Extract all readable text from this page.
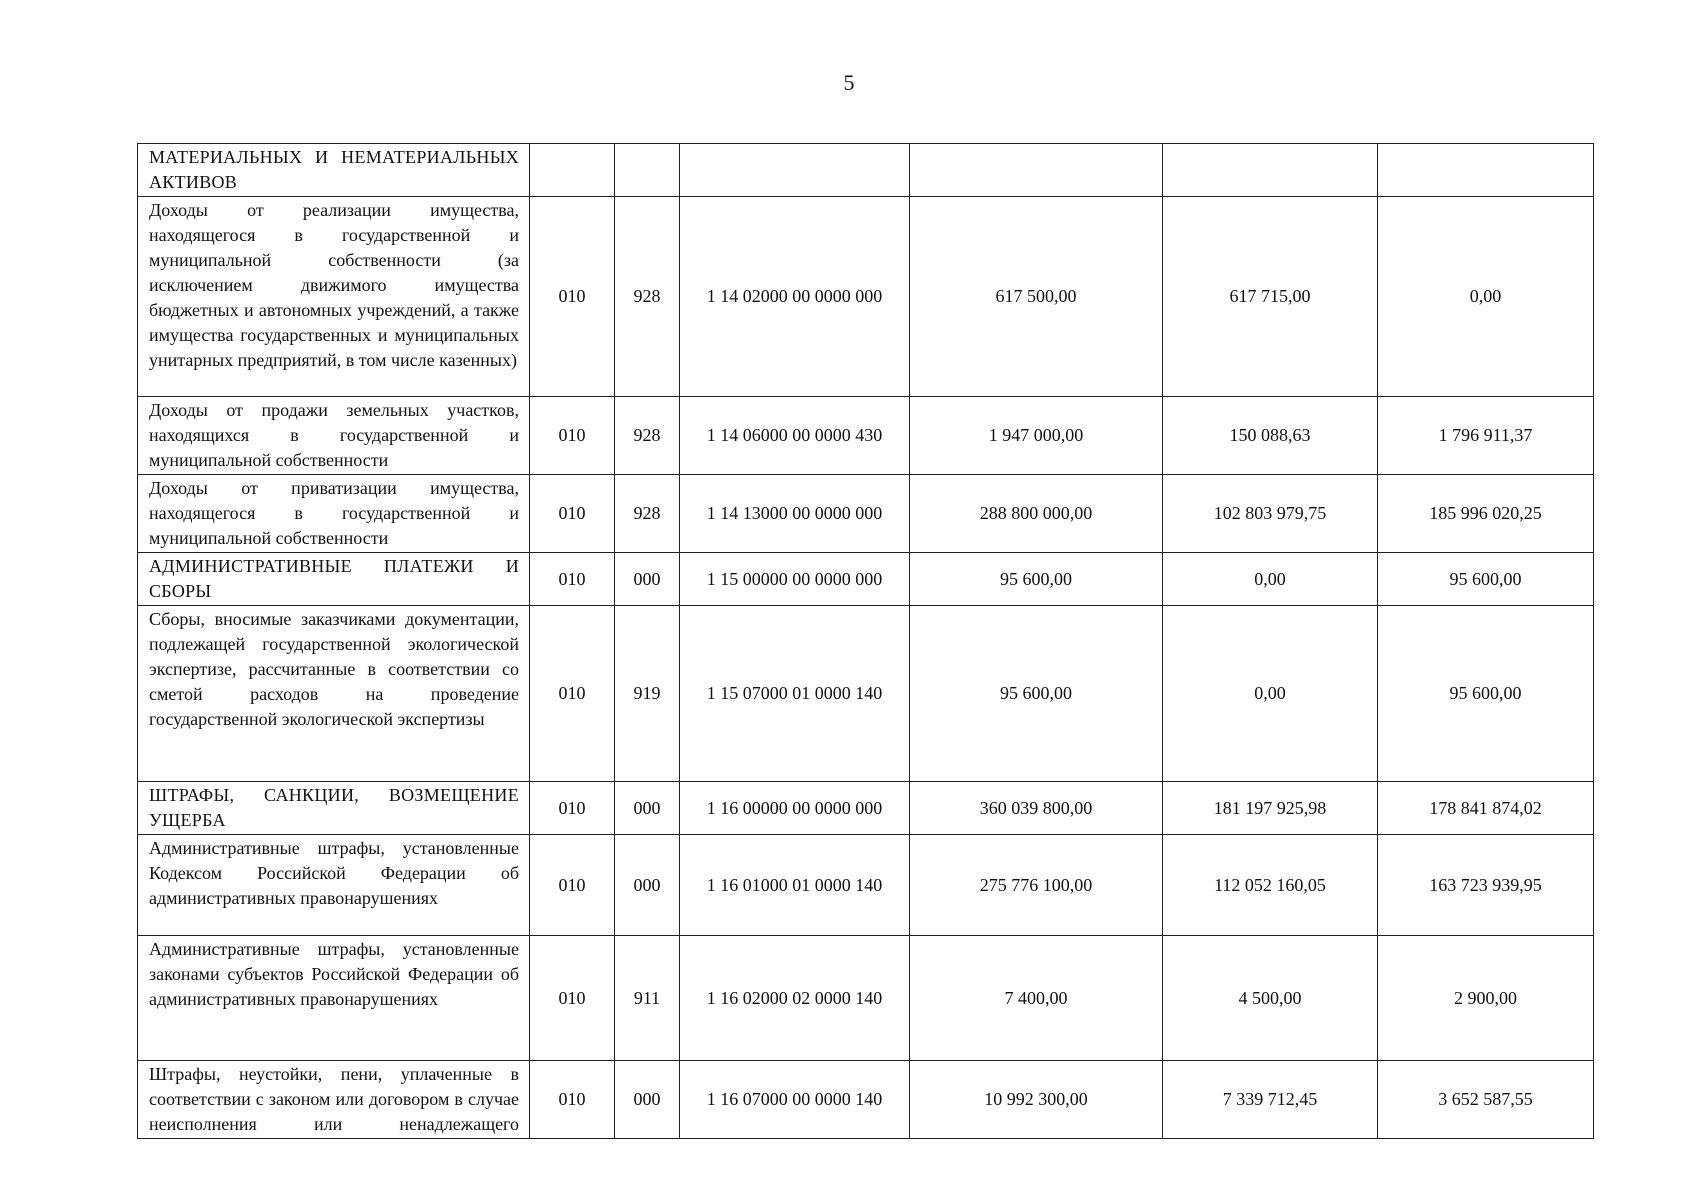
5
МАТЕРИАЛЬНЫХ И НЕМАТЕРИАЛЬНЫХ АКТИВОВ						
Доходы от реализации имущества, находящегося в государственной и муниципальной собственности (за исключением движимого имущества бюджетных и автономных учреждений, а также имущества государственных и муниципальных унитарных предприятий, в том числе казенных)	010	928	1 14 02000 00 0000 000	617 500,00	617 715,00	0,00
Доходы от продажи земельных участков, находящихся в государственной и муниципальной собственности	010	928	1 14 06000 00 0000 430	1 947 000,00	150 088,63	1 796 911,37
Доходы от приватизации имущества, находящегося в государственной и муниципальной собственности	010	928	1 14 13000 00 0000 000	288 800 000,00	102 803 979,75	185 996 020,25
АДМИНИСТРАТИВНЫЕ ПЛАТЕЖИ И СБОРЫ	010	000	1 15 00000 00 0000 000	95 600,00	0,00	95 600,00
Сборы, вносимые заказчиками документации, подлежащей государственной экологической экспертизе, рассчитанные в соответствии со сметой расходов на проведение государственной экологической экспертизы	010	919	1 15 07000 01 0000 140	95 600,00	0,00	95 600,00
ШТРАФЫ, САНКЦИИ, ВОЗМЕЩЕНИЕ УЩЕРБА	010	000	1 16 00000 00 0000 000	360 039 800,00	181 197 925,98	178 841 874,02
Административные штрафы, установленные Кодексом Российской Федерации об административных правонарушениях	010	000	1 16 01000 01 0000 140	275 776 100,00	112 052 160,05	163 723 939,95
Административные штрафы, установленные законами субъектов Российской Федерации об административных правонарушениях	010	911	1 16 02000 02 0000 140	7 400,00	4 500,00	2 900,00
Штрафы, неустойки, пени, уплаченные в соответствии с законом или договором в случае неисполнения или ненадлежащего	010	000	1 16 07000 00 0000 140	10 992 300,00	7 339 712,45	3 652 587,55
